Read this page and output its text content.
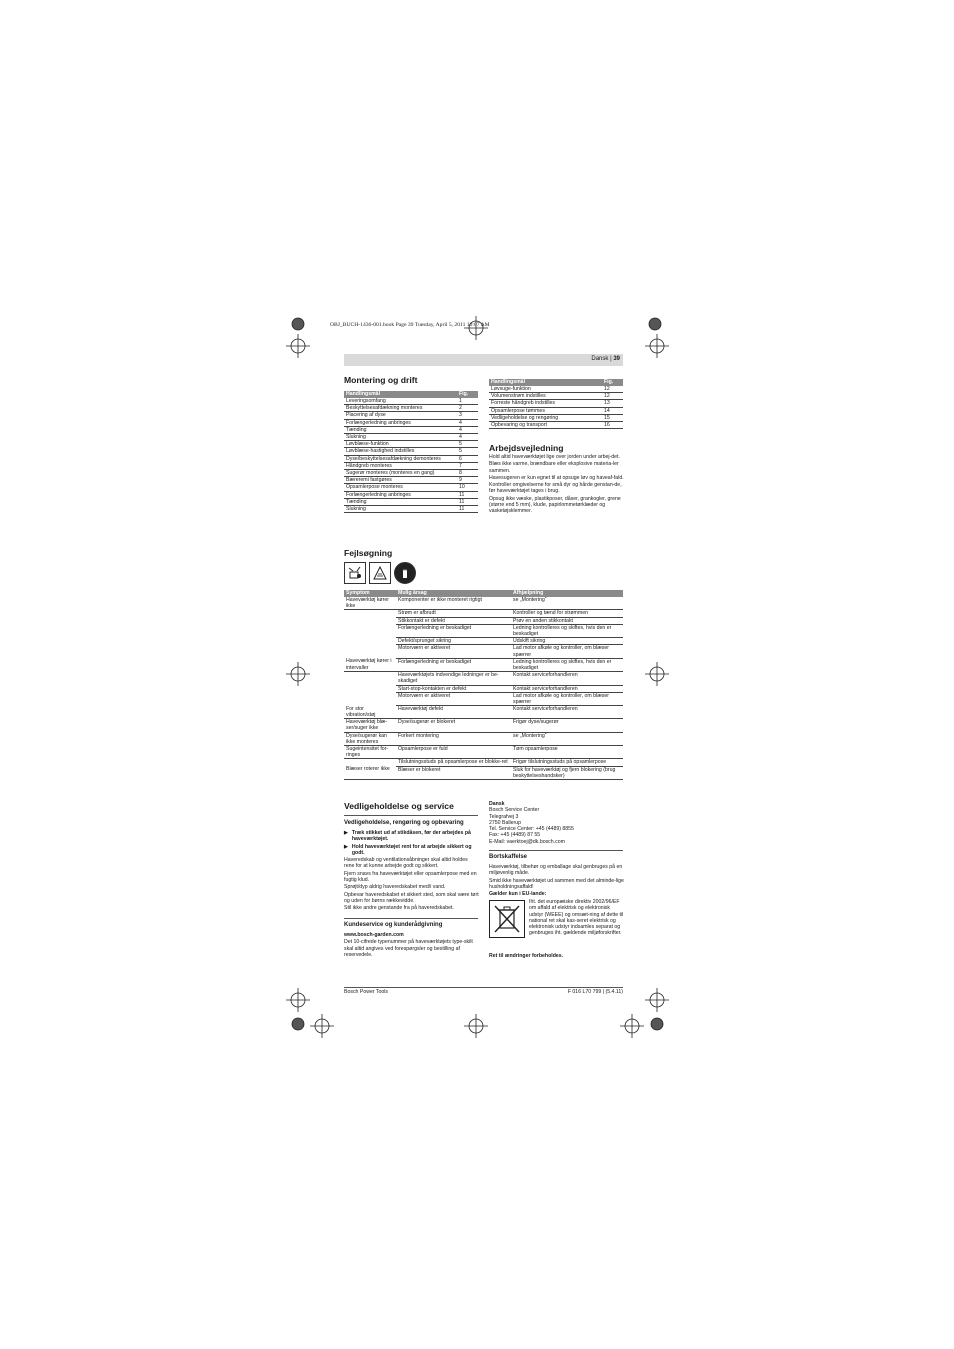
OBJ_BUCH-1436-001.book Page 39 Tuesday, April 5, 2011 10:07 AM
Dansk | 39
Montering og drift
Handlingsmål	Fig.
Leveringsomfang	1
Beskyttelsesafdækning monteres	2
Placering af dyse	3
Forlængerledning anbringes	4
Tænding	4
Slukning	4
Løvblæse-funktion	5
Løvblæse-hastighed indstilles	5
Dyse/beskyttelsesafdækning demonteres	6
Håndgreb monteres	7
Sugerør monteres (monteres en gang)	8
Bæreremi fastgøres	9
Opsamlerpose monteres	10
Forlængerledning anbringes	11
Tænding	11
Slukning	11
Handlingsmål	Fig.
Løvsuge-funktion	12
Volumenstrøm indstilles	12
Forreste håndgreb indstilles	13
Opsamlerpose tømmes	14
Vedligeholdelse og rengøring	15
Opbevaring og transport	16
Arbejdsvejledning
Hold altid haveværktøjet lige over jorden under arbej-det.
Blæs ikke varme, brændbare eller eksplosive materia-ler sammen.
Havesugeren er kun egnet til at opsuge løv og havеaf-fald.
Kontroller omgivelserne for små dyr og hårde genstan-de, før haveværktøjet tages i brug.
Opsug ikke væske, plastikposer, dåser, grankogler, grene (større end 5 mm), klude, papirlommetørklæder og vaskеtøjsklemmer.
Fejlsøgning
Symptom	Mulig årsag	Afhjælpning
Haveværktøj kører ikke	Komponenter er ikke monteret rigtigt	se „Montering“
	Strøm er afbrudt	Kontroller og tænd for strømmen
	Stikkontakt er defekt	Prøv en anden stikkontakt
	Forlængerledning er beskadiget	Ledning kontrolleres og skiftes, hvis den er beskadiget
	Defekt/sprunget sikring	Udskift sikring
	Motorværn er aktiveret	Lad motor afkøle og kontroller, om blæser spærrer
Haveværktøj kører i intervaller	Forlængerledning er beskadiget	Ledning kontrolleres og skiftes, hvis den er beskadiget
	Haveværktøjets indvendige ledninger er be-skadiget	Kontakt serviceforhandleren
	Start-stop-kontakten er defekt	Kontakt serviceforhandleren
	Motorværn er aktiveret	Lad motor afkøle og kontroller, om blæser spærrer
For stor vibration/støj	Haveværktøj defekt	Kontakt serviceforhandleren
Haveværktøj blæ-ser/suger ikke	Dyse/sugerør er blokeret	Frigør dyse/sugerør
Dyse/sugerør kan ikke monteres	Forkert montering	se „Montering“
Sugeintensitet for-ringes	Opsamlerpose er fuld	Tøm opsamlerpose
	Tilslutningsstuds på opsamlerpose er blokke-ret	Frigør tilslutningsstuds på opsamlerpose
Blæser roterer ikke	Blæser er blokeret	Sluk for haveværktøj og fjern blokering (brug beskyttelseshandsker)
Vedligeholdelse og service
Vedligeholdelse, rengøring og opbevaring
▶ Træk stikket ud af stikdåsen, før der arbejdes på haveværktøjet.
▶ Hold haveværktøjet rent for at arbejde sikkert og godt.
Haveredskab og ventilationsåbninger skal altid holdes rene for at kunne arbejde godt og sikkert.
Fjern snavs fra haveværktøjet eller opsamlerpose med en fugtig klud.
Sprøjt/dyp aldrig haveredskabet med/i vand.
Opbevar haveredskabet et sikkert sted, som skal være tørt og uden for børns rækkevidde.
Stil ikke andre genstande fra på haveredskabet.
Kundeservice og kunderådgivning
www.bosch-garden.com
Det 10-cifrede typenummer på haveværktøjets type-skilt skal altid angives ved forespørgsler og bestilling af reservedele.
Dansk
Bosch Service Center
Telegrafvej 3
2750 Ballerup
Tel. Service Center: +45 (4489) 8855
Fax: +45 (4489) 87 55
E-Mail: vaerktoej@dk.bosch.com
Bortskaffelse
Haveværktøj, tilbehør og emballage skal genbruges på en miljøvenlig måde.
Smid ikke haveværktøjet ud sammen med det alminde-lige husholdningsaffald!
Gælder kun i EU-lande:
Iht. det europæiske direktiv 2002/96/EF om affald af elektrisk og elektronisk udstyr (WEEE) og omsæt-ning af dette til national ret skal kas-seret elektrisk og elektronisk udstyr indsamles separat og genbruges iht. gældende miljøforskrifter.
Ret til ændringer forbeholdes.
Bosch Power Tools	F 016 L70 799 | (5.4.11)
